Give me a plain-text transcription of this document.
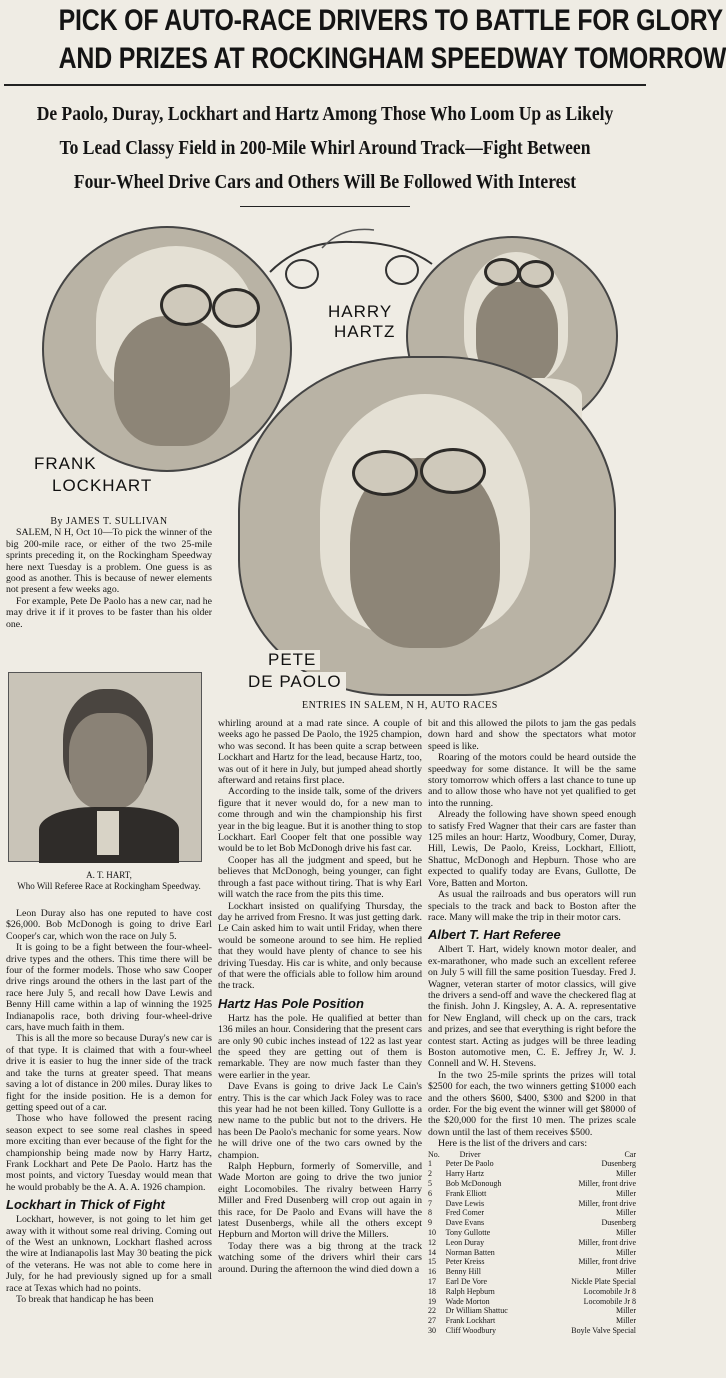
PICK OF AUTO-RACE DRIVERS TO BATTLE FOR GLORY
AND PRIZES AT ROCKINGHAM SPEEDWAY TOMORROW
De Paolo, Duray, Lockhart and Hartz Among Those Who Loom Up as Likely
To Lead Classy Field in 200-Mile Whirl Around Track—Fight Between
Four-Wheel Drive Cars and Others Will Be Followed With Interest
FRANK
LOCKHART
HARRY
HARTZ
PETE
DE PAOLO
ENTRIES IN SALEM, N H, AUTO RACES

By JAMES T. SULLIVAN

SALEM, N H, Oct 10—To pick the winner of the big 200-mile race, or either of the two 25-mile sprints preceding it, on the Rockingham Speedway here next Tuesday is a problem. One guess is as good as another. This is because of newer elements not present a few weeks ago.

For example, Pete De Paolo has a new car, nad he may drive it if it proves to be faster than his older one.

A. T. HART,
Who Will Referee Race at Rockingham Speedway.

Leon Duray also has one reputed to have cost $26,000. Bob McDonogh is going to drive Earl Cooper's car, which won the race on July 5.

It is going to be a fight between the four-wheel-drive types and the others. This time there will be four of the former models. Those who saw Cooper drive rings around the others in the last part of the race here July 5, and recall how Dave Lewis and Benny Hill came within a lap of winning the 1925 Indianapolis race, both driving four-wheel-drive cars, have much faith in them.

This is all the more so because Duray's new car is of that type. It is claimed that with a four-wheel drive it is easier to hug the inner side of the track and take the turns at greater speed. That means saving a lot of distance in 200 miles. Duray likes to fight for the inside position. He is a demon for getting speed out of a car.

Those who have followed the present racing season expect to see some real clashes in speed more exciting than ever because of the fight for the championship being made now by Harry Hartz, Frank Lockhart and Pete De Paolo. Hartz has the most points, and victory Tuesday would mean that he would probably be the A. A. A. 1926 champion.

Lockhart in Thick of Fight

Lockhart, however, is not going to let him get away with it without some real driving. Coming out of the West an unknown, Lockhart flashed across the wire at Indianapolis last May 30 beating the pick of the veterans. He was not able to come here in July, for he had previously signed up for a small race at Texas which had no points.

To break that handicap he has been

whirling around at a mad rate since. A couple of weeks ago he passed De Paolo, the 1925 champion, who was second. It has been quite a scrap between Lockhart and Hartz for the lead, because Hartz, too, was out of it here in July, but jumped ahead shortly afterward and retains first place.

According to the inside talk, some of the drivers figure that it never would do, for a new man to come through and win the championship his first year in the big league. But it is another thing to stop Lockhart. Earl Cooper felt that one possible way would be to let Bob McDonogh drive his fast car.

Cooper has all the judgment and speed, but he believes that McDonogh, being younger, can fight through a fast pace without tiring. That is why Earl will watch the race from the pits this time.

Lockhart insisted on qualifying Thursday, the day he arrived from Fresno. It was just getting dark. Le Cain asked him to wait until Friday, when there would be someone around to see him. He replied that they would have plenty of chance to see his driving Tuesday. His car is white, and only because of that were the officials able to follow him around the track.

Hartz Has Pole Position

Hartz has the pole. He qualified at better than 136 miles an hour. Considering that the present cars are only 90 cubic inches instead of 122 as last year the speed they are getting out of them is remarkable. They are now much faster than they were earlier in the year.

Dave Evans is going to drive Jack Le Cain's entry. This is the car which Jack Foley was to race this year had he not been killed. Tony Gullotte is a new name to the public but not to the drivers. He has been De Paolo's mechanic for some years. Now he will drive one of the two cars owned by the champion.

Ralph Hepburn, formerly of Somerville, and Wade Morton are going to drive the two junior eight Locomobiles. The rivalry between Harry Miller and Fred Dusenberg will crop out again in this race, for De Paolo and Evans will have the latest Dusenbergs, while all the others except Hepburn and Morton will drive the Millers.

Today there was a big throng at the track watching some of the drivers whirl their cars around. During the afternoon the wind died down a

bit and this allowed the pilots to jam the gas pedals down hard and show the spectators what motor speed is like.

Roaring of the motors could be heard outside the speedway for some distance. It will be the same story tomorrow which offers a last chance to tune up and to allow those who have not yet qualified to get into the running.

Already the following have shown speed enough to satisfy Fred Wagner that their cars are faster than 125 miles an hour: Hartz, Woodbury, Comer, Duray, Hill, Lewis, De Paolo, Kreiss, Lockhart, Elliott, Shattuc, McDonogh and Hepburn. Those who are expected to qualify today are Evans, Gullotte, De Vore, Batten and Morton.

As usual the railroads and bus operators will run specials to the track and back to Boston after the race. Many will make the trip in their motor cars.

Albert T. Hart Referee

Albert T. Hart, widely known motor dealer, and ex-marathoner, who made such an excellent referee on July 5 will fill the same position Tuesday. Fred J. Wagner, veteran starter of motor classics, will give the drivers a send-off and wave the checkered flag at the finish. John J. Kingsley, A. A. A. representative for New England, will check up on the cars, track and prizes, and see that everything is right before the contest start. Acting as judges will be three leading Boston automotive men, C. E. Jeffrey Jr, W. J. Connell and W. H. Stevens.

In the two 25-mile sprints the prizes will total $2500 for each, the two winners getting $1000 each and the others $600, $400, $300 and $200 in that order. For the big event the winner will get $8000 of the $20,000 for the first 10 men. The prizes scale down until the last of them receives $500.

Here is the list of the drivers and cars:

No.	Driver	Car
1	Peter De Paolo	Dusenberg
2	Harry Hartz	Miller
5	Bob McDonough	Miller, front drive
6	Frank Elliott	Miller
7	Dave Lewis	Miller, front drive
8	Fred Comer	Miller
9	Dave Evans	Dusenberg
10	Tony Gullotte	Miller
12	Leon Duray	Miller, front drive
14	Norman Batten	Miller
15	Peter Kreiss	Miller, front drive
16	Benny Hill	Miller
17	Earl De Vore	Nickle Plate Special
18	Ralph Hepburn	Locomobile Jr 8
19	Wade Morton	Locomobile Jr 8
22	Dr William Shattuc	Miller
27	Frank Lockhart	Miller
30	Cliff Woodbury	Boyle Valve Special
